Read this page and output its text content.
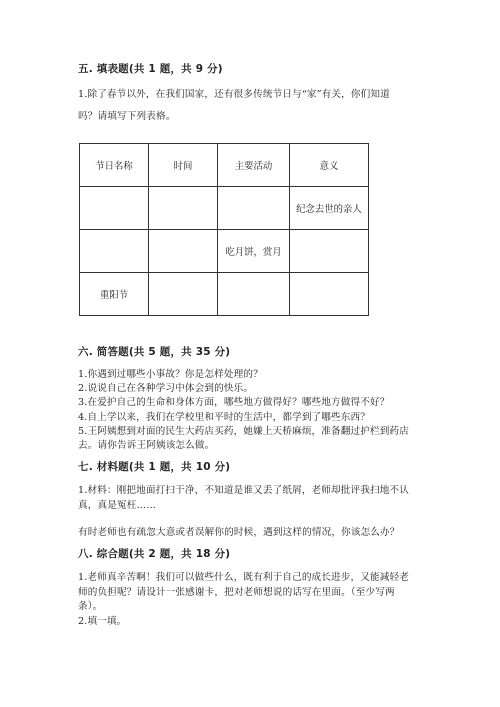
五. 填表题(共 1 题，共 9 分)

1.除了春节以外，在我们国家，还有很多传统节日与“家”有关，你们知道

吗？请填写下列表格。

节日名称	时间	主要活动	意义
			纪念去世的亲人
		吃月饼，赏月	
重阳节			
六. 简答题(共 5 题，共 35 分)

1.你遇到过哪些小事故？你是怎样处理的？

2.说说自己在各种学习中体会到的快乐。

3.在爱护自己的生命和身体方面，哪些地方做得好？哪些地方做得不好？

4.自上学以来，我们在学校里和平时的生活中，都学到了哪些东西？

5.王阿姨想到对面的民生大药店买药，她嫌上天桥麻烦，准备翻过护栏到药店

去。请你告诉王阿姨该怎么做。

七. 材料题(共 1 题，共 10 分)

1.材料：刚把地面打扫干净，不知道是谁又丢了纸屑，老师却批评我扫地不认

真，真是冤枉……

有时老师也有疏忽大意或者误解你的时候，遇到这样的情况，你该怎么办？

八. 综合题(共 2 题，共 18 分)

1.老师真辛苦啊！我们可以做些什么，既有利于自己的成长进步，又能减轻老

师的负担呢？请设计一张感谢卡，把对老师想说的话写在里面。（至少写两

条）。

2.填一填。
